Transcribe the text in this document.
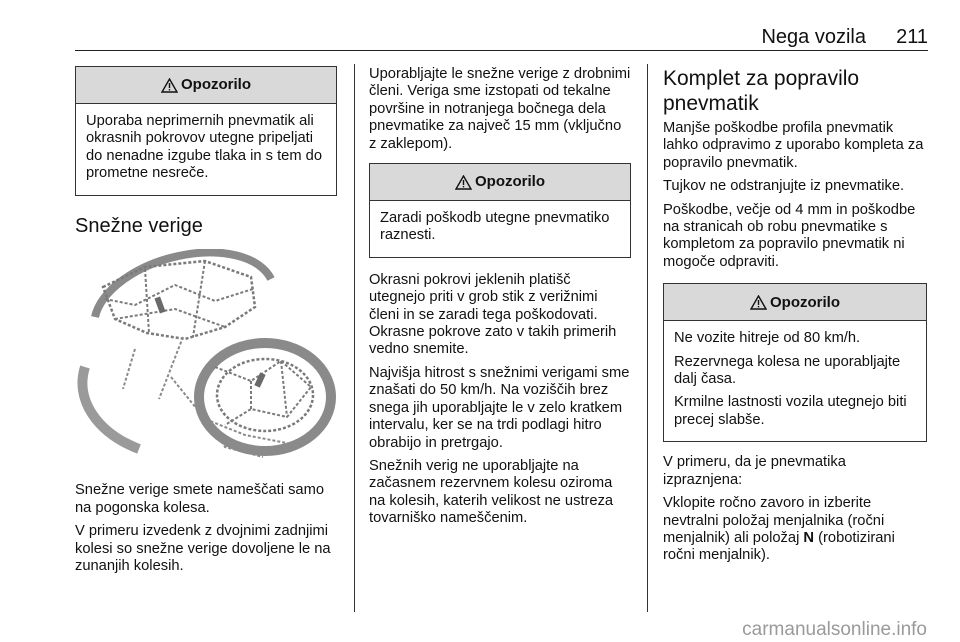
Nega vozila 211
Opozorilo

Uporaba neprimernih pnevmatik ali okrasnih pokrovov utegne pripeljati do nenadne izgube tlaka in s tem do prometne nesreče.

Snežne verige

Snežne verige smete nameščati samo na pogonska kolesa.

V primeru izvedenk z dvojnimi zadnjimi kolesi so snežne verige dovoljene le na zunanjih kolesih.

Uporabljajte le snežne verige z drobnimi členi. Veriga sme izstopati od tekalne površine in notranjega bočnega dela pnevmatike za največ 15 mm (vključno z zaklepom).

Opozorilo

Zaradi poškodb utegne pnevmatiko raznesti.

Okrasni pokrovi jeklenih platišč utegnejo priti v grob stik z verižnimi členi in se zaradi tega poškodovati. Okrasne pokrove zato v takih primerih vedno snemite.

Najvišja hitrost s snežnimi verigami sme znašati do 50 km/h. Na voziščih brez snega jih uporabljajte le v zelo kratkem intervalu, ker se na trdi podlagi hitro obrabijo in pretrgajo.

Snežnih verig ne uporabljajte na začasnem rezervnem kolesu oziroma na kolesih, katerih velikost ne ustreza tovarniško nameščenim.

Komplet za popravilo pnevmatik

Manjše poškodbe profila pnevmatik lahko odpravimo z uporabo kompleta za popravilo pnevmatik.

Tujkov ne odstranjujte iz pnevmatike.

Poškodbe, večje od 4 mm in poškodbe na stranicah ob robu pnevmatike s kompletom za popravilo pnevmatik ni mogoče odpraviti.

Opozorilo

Ne vozite hitreje od 80 km/h.

Rezervnega kolesa ne uporabljajte dalj časa.

Krmilne lastnosti vozila utegnejo biti precej slabše.

V primeru, da je pnevmatika izpraznjena:

Vklopite ročno zavoro in izberite nevtralni položaj menjalnika (ročni menjalnik) ali položaj N (robotizirani ročni menjalnik).

carmanualsonline.info
